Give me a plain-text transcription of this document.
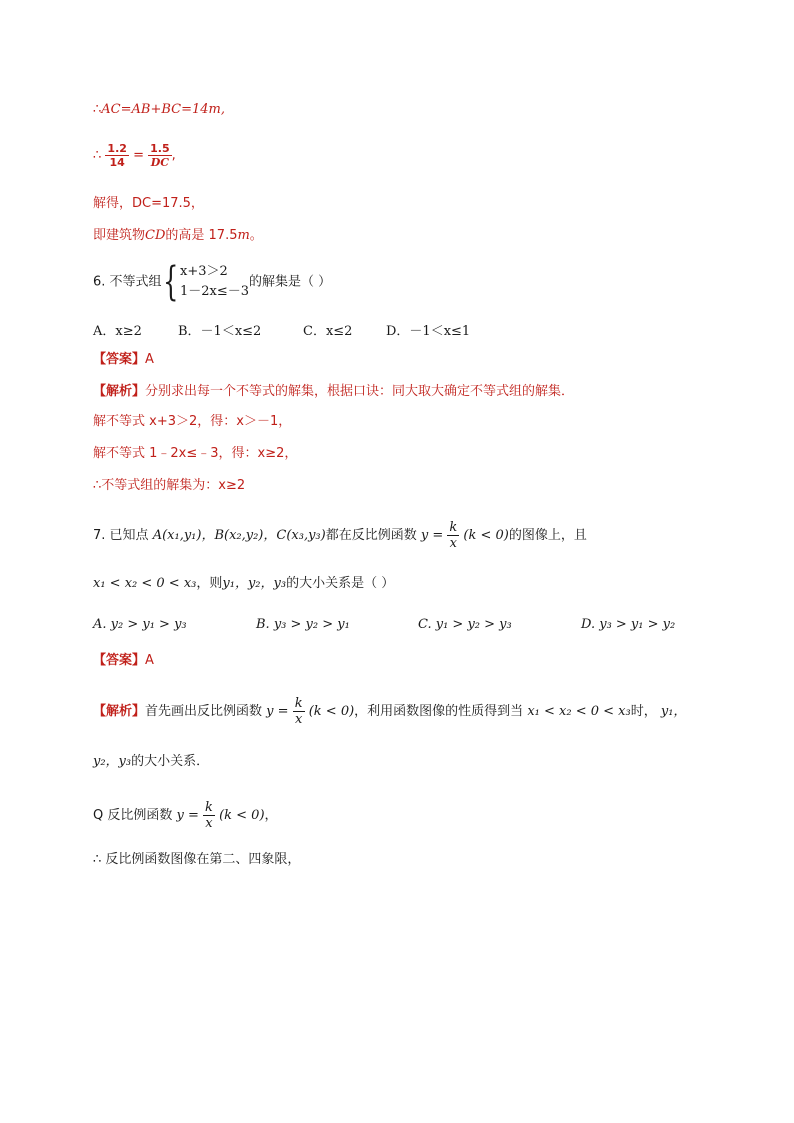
∴AC=AB+BC=14m,
∴ $\frac{1.2}{14} = \frac{1.5}{DC}$ ,
解得，DC=17.5，
即建筑物CD的高是 17.5m。
6. 不等式组 { x+3＞2
1－2x≤－3
的解集是（ ）
A．x≥2	B．－1＜x≤2	C．x≤2	D．－1＜x≤1
【答案】A
【解析】分别求出每一个不等式的解集，根据口诀：同大取大确定不等式组的解集．
解不等式 x+3＞2，得：x＞－1，
解不等式 1﹣2x≤﹣3，得：x≥2，
∴不等式组的解集为：x≥2
7. 已知点 A(x₁,y₁)，B(x₂,y₂)，C(x₃,y₃)都在反比例函数 $y = \frac{k}{x} (k < 0)$的图像上，且
x₁ < x₂ < 0 < x₃，则y₁，y₂，y₃的大小关系是（ ）
A. y₂ > y₁ > y₃	B. y₃ > y₂ > y₁	C. y₁ > y₂ > y₃	D. y₃ > y₁ > y₂
【答案】A
【解析】首先画出反比例函数 $y = \frac{k}{x} (k < 0)$，利用函数图像的性质得到当 x₁ < x₂ < 0 < x₃时， y₁，
y₂，y₃的大小关系．
Q 反比例函数 $y = \frac{k}{x} (k < 0)$，
∴ 反比例函数图像在第二、四象限，
